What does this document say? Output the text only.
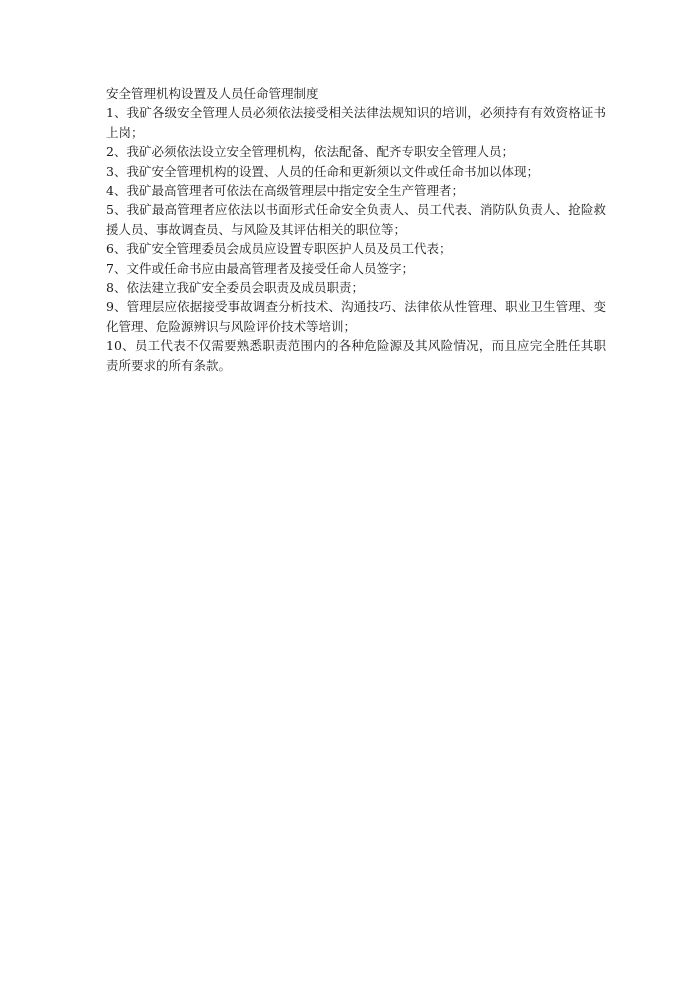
安全管理机构设置及人员任命管理制度

1、我矿各级安全管理人员必须依法接受相关法律法规知识的培训，必须持有有效资格证书上岗；

2、我矿必须依法设立安全管理机构，依法配备、配齐专职安全管理人员；

3、我矿安全管理机构的设置、人员的任命和更新须以文件或任命书加以体现；

4、我矿最高管理者可依法在高级管理层中指定安全生产管理者；

5、我矿最高管理者应依法以书面形式任命安全负责人、员工代表、消防队负责人、抢险救援人员、事故调查员、与风险及其评估相关的职位等；

6、我矿安全管理委员会成员应设置专职医护人员及员工代表；

7、文件或任命书应由最高管理者及接受任命人员签字；

8、依法建立我矿安全委员会职责及成员职责；

9、管理层应依据接受事故调查分析技术、沟通技巧、法律依从性管理、职业卫生管理、变化管理、危险源辨识与风险评价技术等培训；

10、员工代表不仅需要熟悉职责范围内的各种危险源及其风险情况，而且应完全胜任其职责所要求的所有条款。
